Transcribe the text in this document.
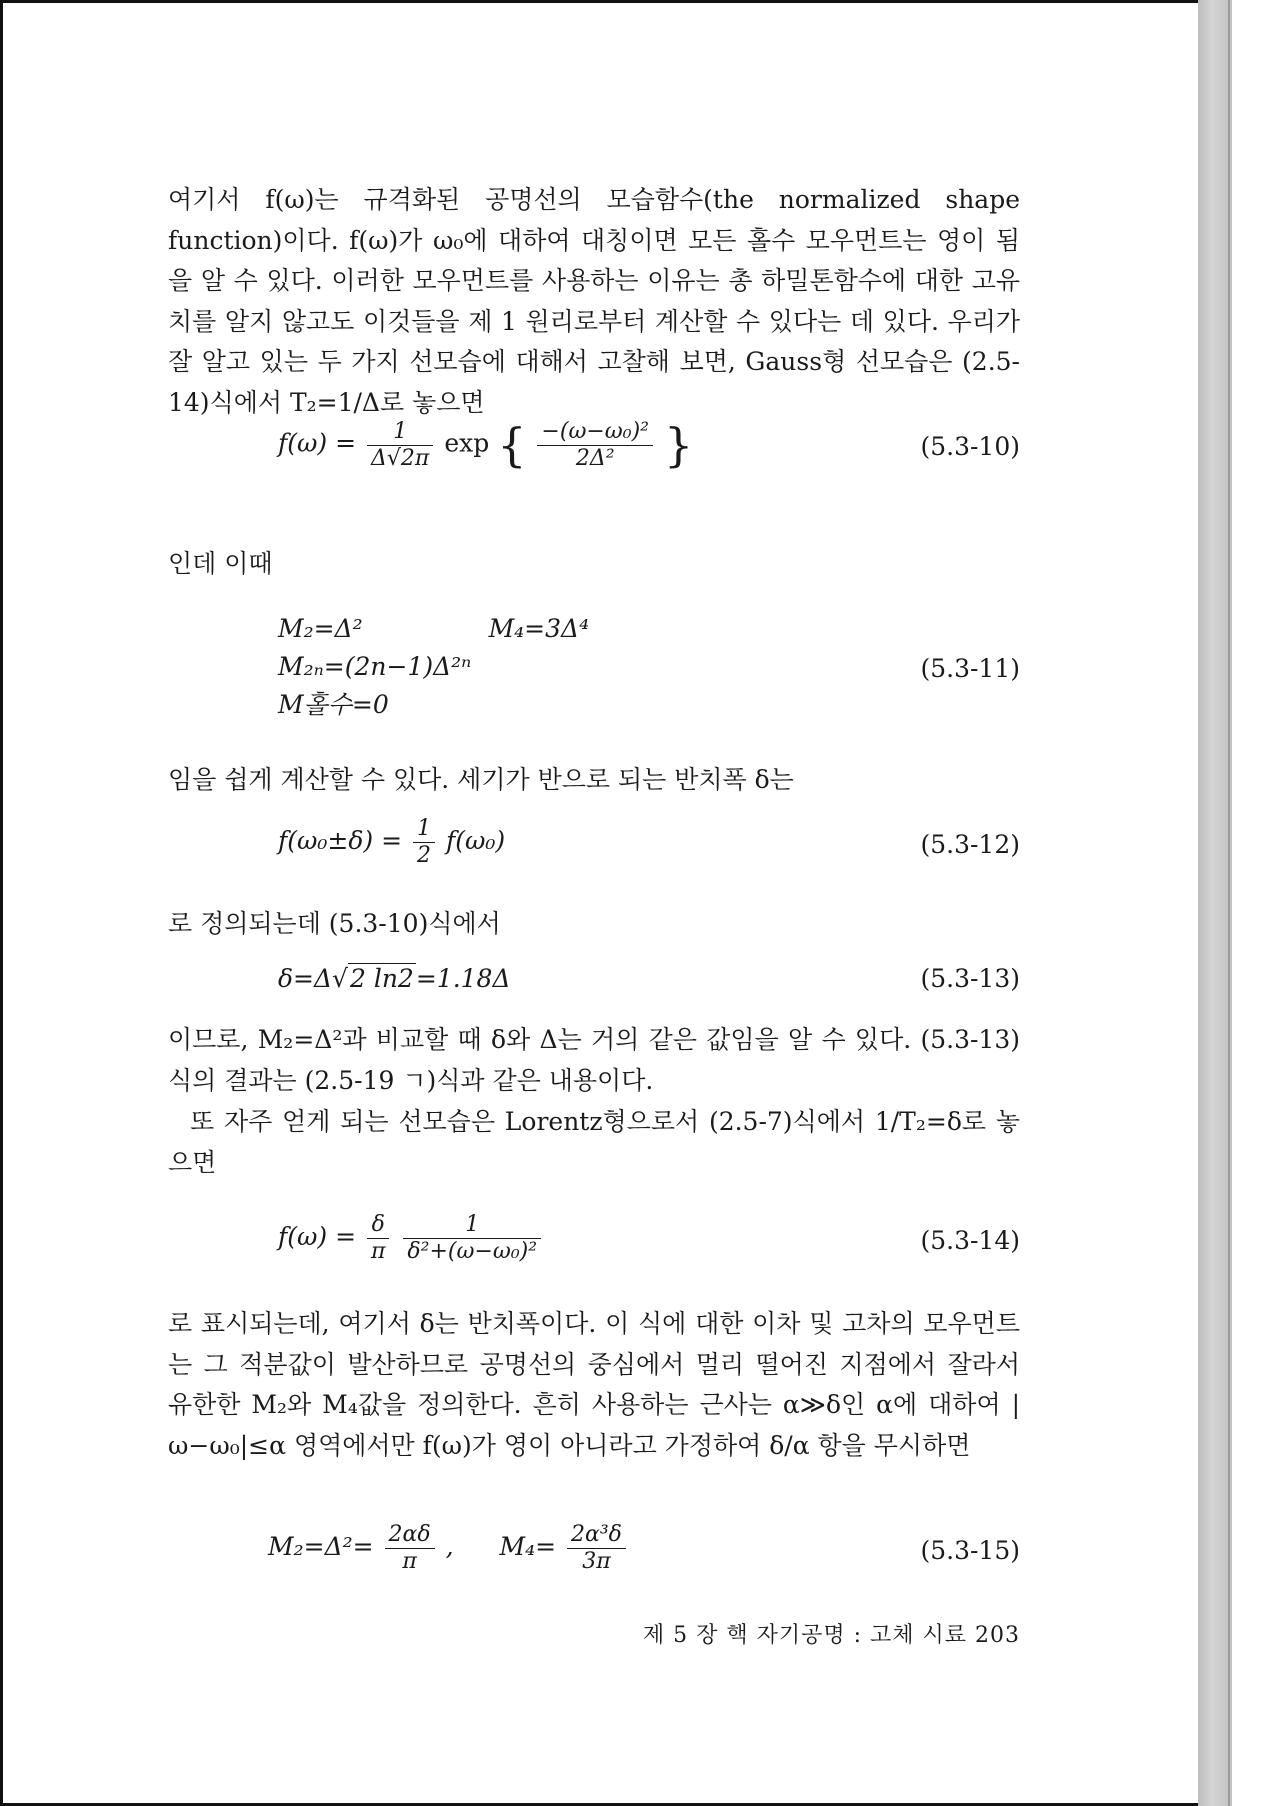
여기서 f(ω)는 규격화된 공명선의 모습함수(the normalized shape function)이다. f(ω)가 ω₀에 대하여 대칭이면 모든 홀수 모우먼트는 영이 됨을 알 수 있다. 이러한 모우먼트를 사용하는 이유는 총 하밀톤함수에 대한 고유치를 알지 않고도 이것들을 제 1 원리로부터 계산할 수 있다는 데 있다. 우리가 잘 알고 있는 두 가지 선모습에 대해서 고찰해 보면, Gauss형 선모습은 (2.5-14)식에서 T₂=1/Δ로 놓으면
$f(\omega) = \frac{1}{\Delta√2\pi}$ exp { $\frac{\text{−(ω−ω₀)²}}{\text{2Δ²}}$ }	(5.3-10)
인데 이때
M₂=Δ²	M₄=3Δ⁴
M₂ₙ=(2n−1)Δ²ⁿ
M홀수=0
(5.3-11)
임을 쉽게 계산할 수 있다. 세기가 반으로 되는 반치폭 δ는
$f(\omega_0\pm\delta) = \frac{1}{2} f(\omega_0)$	(5.3-12)
로 정의되는데 (5.3-10)식에서
δ=Δ√2 ln2=1.18Δ	(5.3-13)
이므로, M₂=Δ²과 비교할 때 δ와 Δ는 거의 같은 값임을 알 수 있다. (5.3-13)식의 결과는 (2.5-19 ㄱ)식과 같은 내용이다.
또 자주 얻게 되는 선모습은 Lorentz형으로서 (2.5-7)식에서 1/T₂=δ로 놓으면
$f(\omega) = \frac{\delta}{\pi}$
$\frac{1}{\text{δ²+(ω−ω₀)²}}$	(5.3-14)
로 표시되는데, 여기서 δ는 반치폭이다. 이 식에 대한 이차 및 고차의 모우먼트는 그 적분값이 발산하므로 공명선의 중심에서 멀리 떨어진 지점에서 잘라서 유한한 M₂와 M₄값을 정의한다. 흔히 사용하는 근사는 α≫δ인 α에 대하여 |ω−ω₀|≤α 영역에서만 f(ω)가 영이 아니라고 가정하여 δ/α 항을 무시하면
$M_2=\Delta^2= \frac{2\alpha\delta}{\pi}$ , $M_4= \frac{\text{2α³δ}}{3\pi}$	(5.3-15)
제 5 장 핵 자기공명 : 고체 시료 203
